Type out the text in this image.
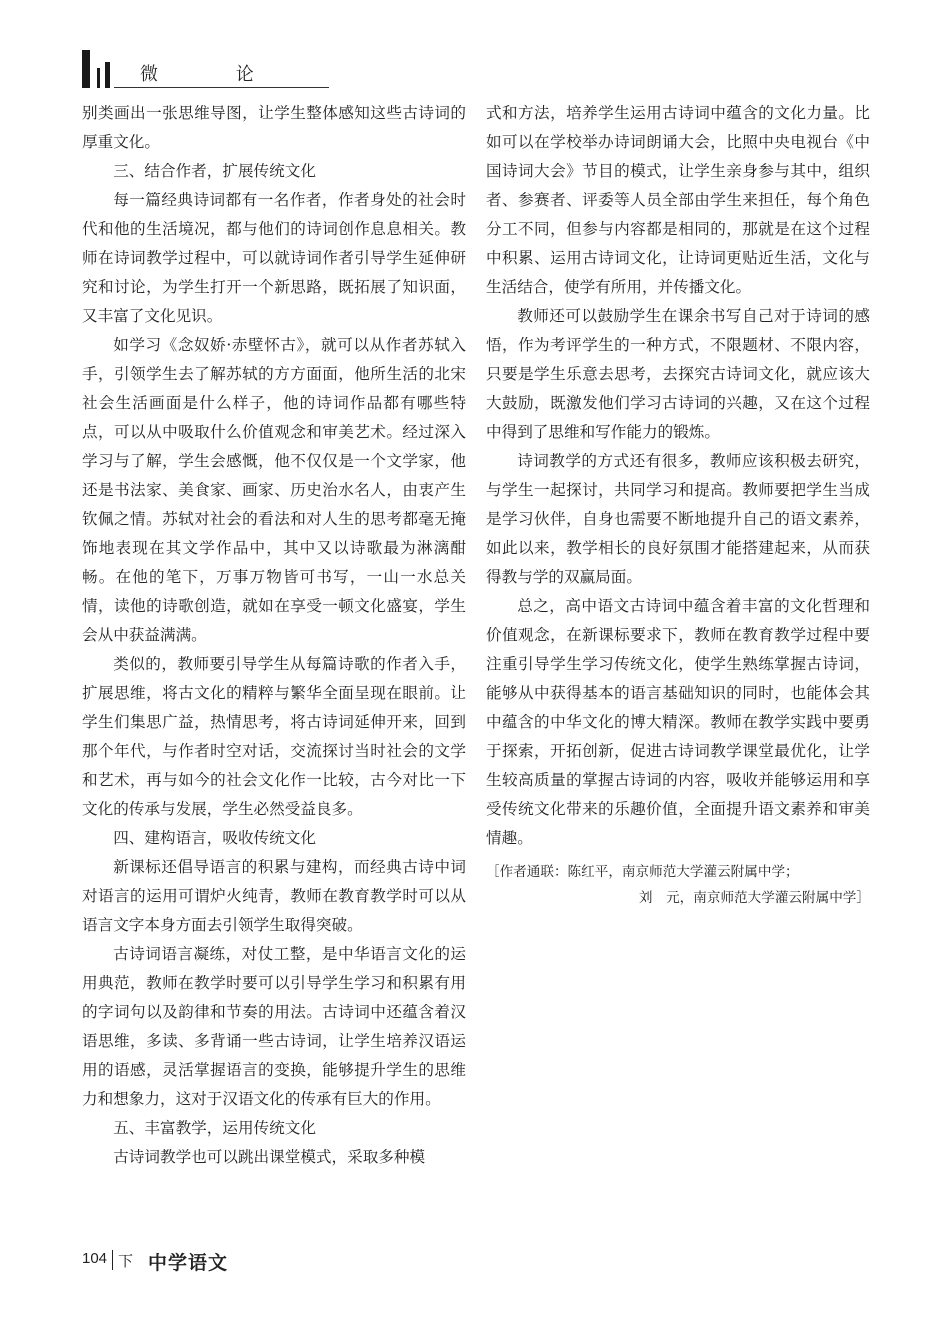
微 论

别类画出一张思维导图，让学生整体感知这些古诗词的厚重文化。

三、结合作者，扩展传统文化

每一篇经典诗词都有一名作者，作者身处的社会时代和他的生活境况，都与他们的诗词创作息息相关。教师在诗词教学过程中，可以就诗词作者引导学生延伸研究和讨论，为学生打开一个新思路，既拓展了知识面，又丰富了文化见识。

如学习《念奴娇·赤壁怀古》，就可以从作者苏轼入手，引领学生去了解苏轼的方方面面，他所生活的北宋社会生活画面是什么样子，他的诗词作品都有哪些特点，可以从中吸取什么价值观念和审美艺术。经过深入学习与了解，学生会感慨，他不仅仅是一个文学家，他还是书法家、美食家、画家、历史治水名人，由衷产生钦佩之情。苏轼对社会的看法和对人生的思考都毫无掩饰地表现在其文学作品中，其中又以诗歌最为淋漓酣畅。在他的笔下，万事万物皆可书写，一山一水总关情，读他的诗歌创造，就如在享受一顿文化盛宴，学生会从中获益满满。

类似的，教师要引导学生从每篇诗歌的作者入手，扩展思维，将古文化的精粹与繁华全面呈现在眼前。让学生们集思广益，热情思考，将古诗词延伸开来，回到那个年代，与作者时空对话，交流探讨当时社会的文学和艺术，再与如今的社会文化作一比较，古今对比一下文化的传承与发展，学生必然受益良多。

四、建构语言，吸收传统文化

新课标还倡导语言的积累与建构，而经典古诗中词对语言的运用可谓炉火纯青，教师在教育教学时可以从语言文字本身方面去引领学生取得突破。

古诗词语言凝练，对仗工整，是中华语言文化的运用典范，教师在教学时要可以引导学生学习和积累有用的字词句以及韵律和节奏的用法。古诗词中还蕴含着汉语思维，多读、多背诵一些古诗词，让学生培养汉语运用的语感，灵活掌握语言的变换，能够提升学生的思维力和想象力，这对于汉语文化的传承有巨大的作用。

五、丰富教学，运用传统文化

古诗词教学也可以跳出课堂模式，采取多种模

式和方法，培养学生运用古诗词中蕴含的文化力量。比如可以在学校举办诗词朗诵大会，比照中央电视台《中国诗词大会》节目的模式，让学生亲身参与其中，组织者、参赛者、评委等人员全部由学生来担任，每个角色分工不同，但参与内容都是相同的，那就是在这个过程中积累、运用古诗词文化，让诗词更贴近生活，文化与生活结合，使学有所用，并传播文化。

教师还可以鼓励学生在课余书写自己对于诗词的感悟，作为考评学生的一种方式，不限题材、不限内容，只要是学生乐意去思考，去探究古诗词文化，就应该大大鼓励，既激发他们学习古诗词的兴趣，又在这个过程中得到了思维和写作能力的锻炼。

诗词教学的方式还有很多，教师应该积极去研究，与学生一起探讨，共同学习和提高。教师要把学生当成是学习伙伴，自身也需要不断地提升自己的语文素养，如此以来，教学相长的良好氛围才能搭建起来，从而获得教与学的双赢局面。

总之，高中语文古诗词中蕴含着丰富的文化哲理和价值观念，在新课标要求下，教师在教育教学过程中要注重引导学生学习传统文化，使学生熟练掌握古诗词，能够从中获得基本的语言基础知识的同时，也能体会其中蕴含的中华文化的博大精深。教师在教学实践中要勇于探索，开拓创新，促进古诗词教学课堂最优化，让学生较高质量的掌握古诗词的内容，吸收并能够运用和享受传统文化带来的乐趣价值，全面提升语文素养和审美情趣。

［作者通联：陈红平，南京师范大学灌云附属中学；
刘　元，南京师范大学灌云附属中学］
104 下 中学语文
